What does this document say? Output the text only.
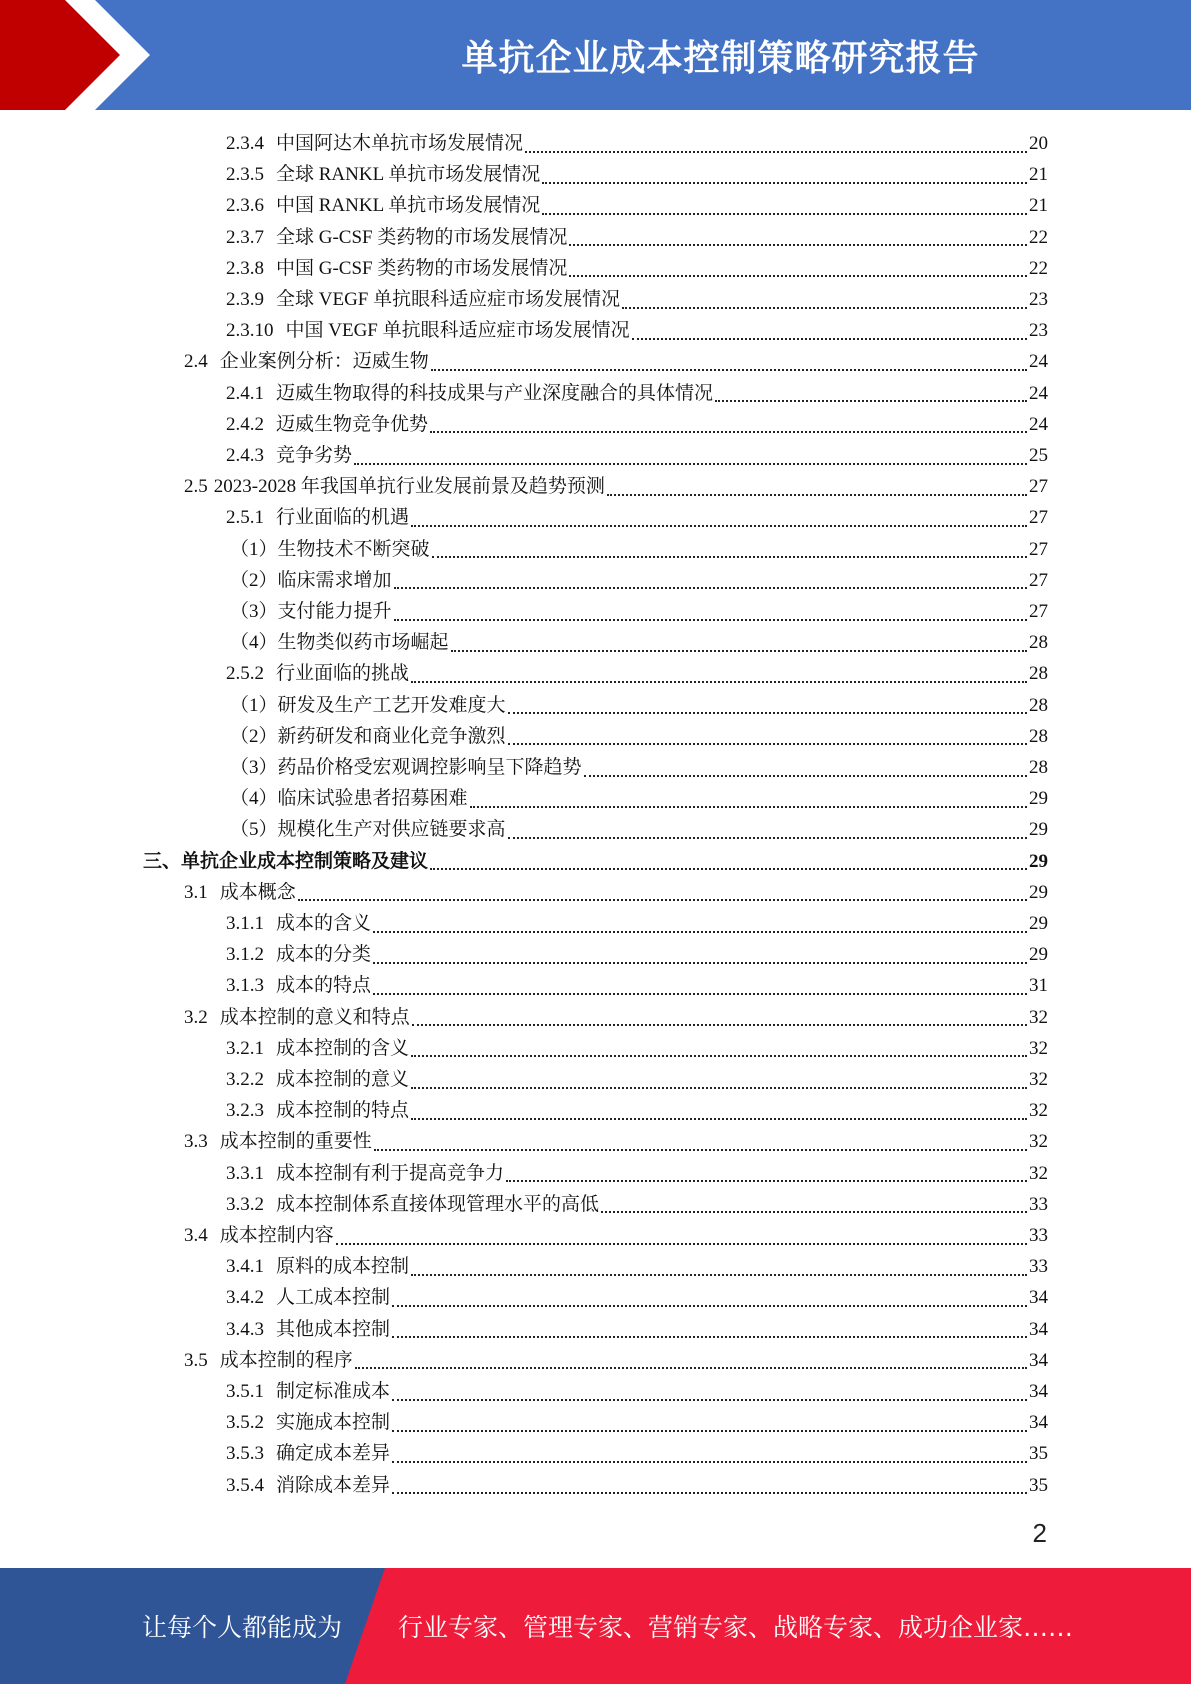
单抗企业成本控制策略研究报告
2.3.4 中国阿达木单抗市场发展情况	20
2.3.5 全球 RANKL 单抗市场发展情况	21
2.3.6 中国 RANKL 单抗市场发展情况	21
2.3.7 全球 G-CSF 类药物的市场发展情况	22
2.3.8 中国 G-CSF 类药物的市场发展情况	22
2.3.9 全球 VEGF 单抗眼科适应症市场发展情况	23
2.3.10 中国 VEGF 单抗眼科适应症市场发展情况	23
2.4 企业案例分析：迈威生物	24
2.4.1 迈威生物取得的科技成果与产业深度融合的具体情况	24
2.4.2 迈威生物竞争优势	24
2.4.3 竞争劣势	25
2.5 2023-2028 年我国单抗行业发展前景及趋势预测	27
2.5.1 行业面临的机遇	27
（1）生物技术不断突破	27
（2）临床需求增加	27
（3）支付能力提升	27
（4）生物类似药市场崛起	28
2.5.2 行业面临的挑战	28
（1）研发及生产工艺开发难度大	28
（2）新药研发和商业化竞争激烈	28
（3）药品价格受宏观调控影响呈下降趋势	28
（4）临床试验患者招募困难	29
（5）规模化生产对供应链要求高	29
三、单抗企业成本控制策略及建议	29
3.1 成本概念	29
3.1.1 成本的含义	29
3.1.2 成本的分类	29
3.1.3 成本的特点	31
3.2 成本控制的意义和特点	32
3.2.1 成本控制的含义	32
3.2.2 成本控制的意义	32
3.2.3 成本控制的特点	32
3.3 成本控制的重要性	32
3.3.1 成本控制有利于提高竞争力	32
3.3.2 成本控制体系直接体现管理水平的高低	33
3.4 成本控制内容	33
3.4.1 原料的成本控制	33
3.4.2 人工成本控制	34
3.4.3 其他成本控制	34
3.5 成本控制的程序	34
3.5.1 制定标准成本	34
3.5.2 实施成本控制	34
3.5.3 确定成本差异	35
3.5.4 消除成本差异	35
2
让每个人都能成为 行业专家、管理专家、营销专家、战略专家、成功企业家……
